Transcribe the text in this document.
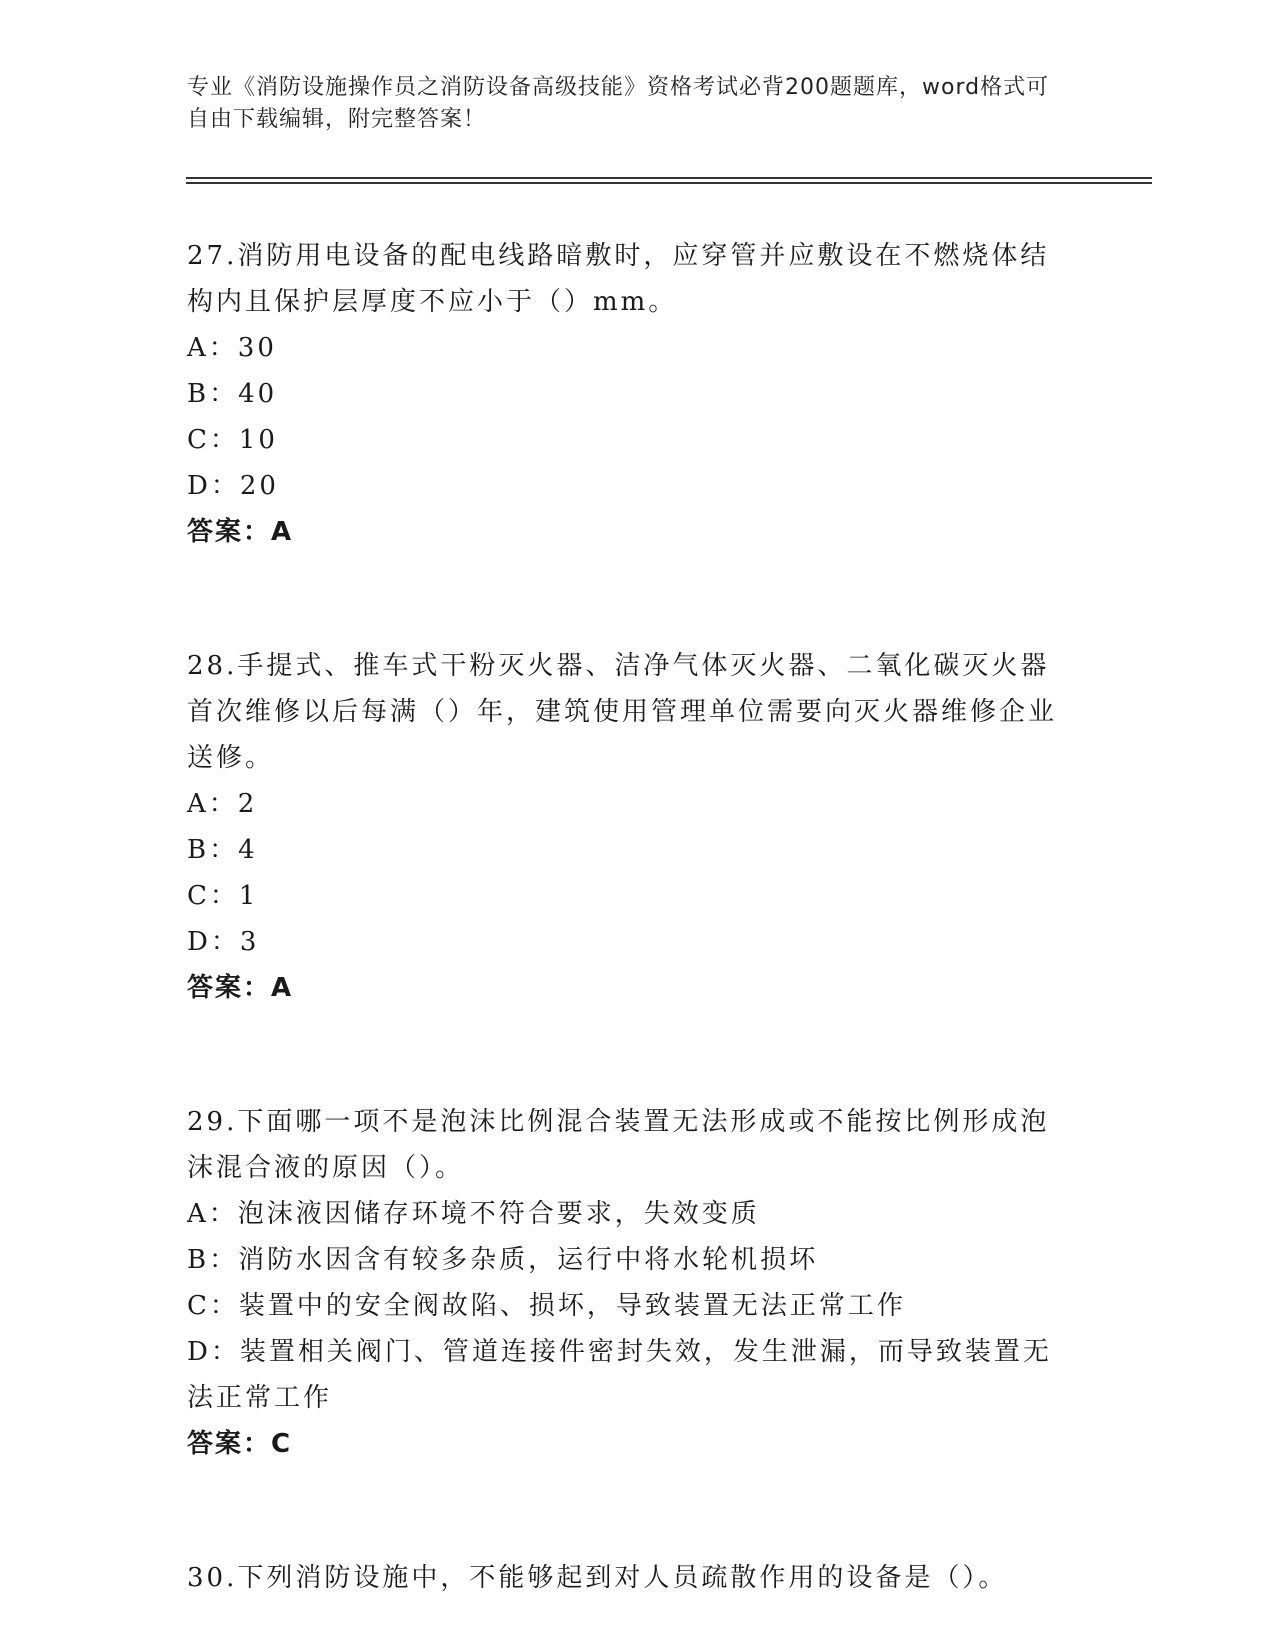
专业《消防设施操作员之消防设备高级技能》资格考试必背200题题库，word格式可自由下载编辑，附完整答案！

27.消防用电设备的配电线路暗敷时，应穿管并应敷设在不燃烧体结构内且保护层厚度不应小于（）mm。

A：30

B：40

C：10

D：20

答案：A

28.手提式、推车式干粉灭火器、洁净气体灭火器、二氧化碳灭火器首次维修以后每满（）年，建筑使用管理单位需要向灭火器维修企业送修。

A：2

B：4

C：1

D：3

答案：A

29.下面哪一项不是泡沫比例混合装置无法形成或不能按比例形成泡沫混合液的原因（）。

A：泡沫液因储存环境不符合要求，失效变质

B：消防水因含有较多杂质，运行中将水轮机损坏

C：装置中的安全阀故陷、损坏，导致装置无法正常工作

D：装置相关阀门、管道连接件密封失效，发生泄漏，而导致装置无法正常工作

答案：C

30.下列消防设施中，不能够起到对人员疏散作用的设备是（）。
